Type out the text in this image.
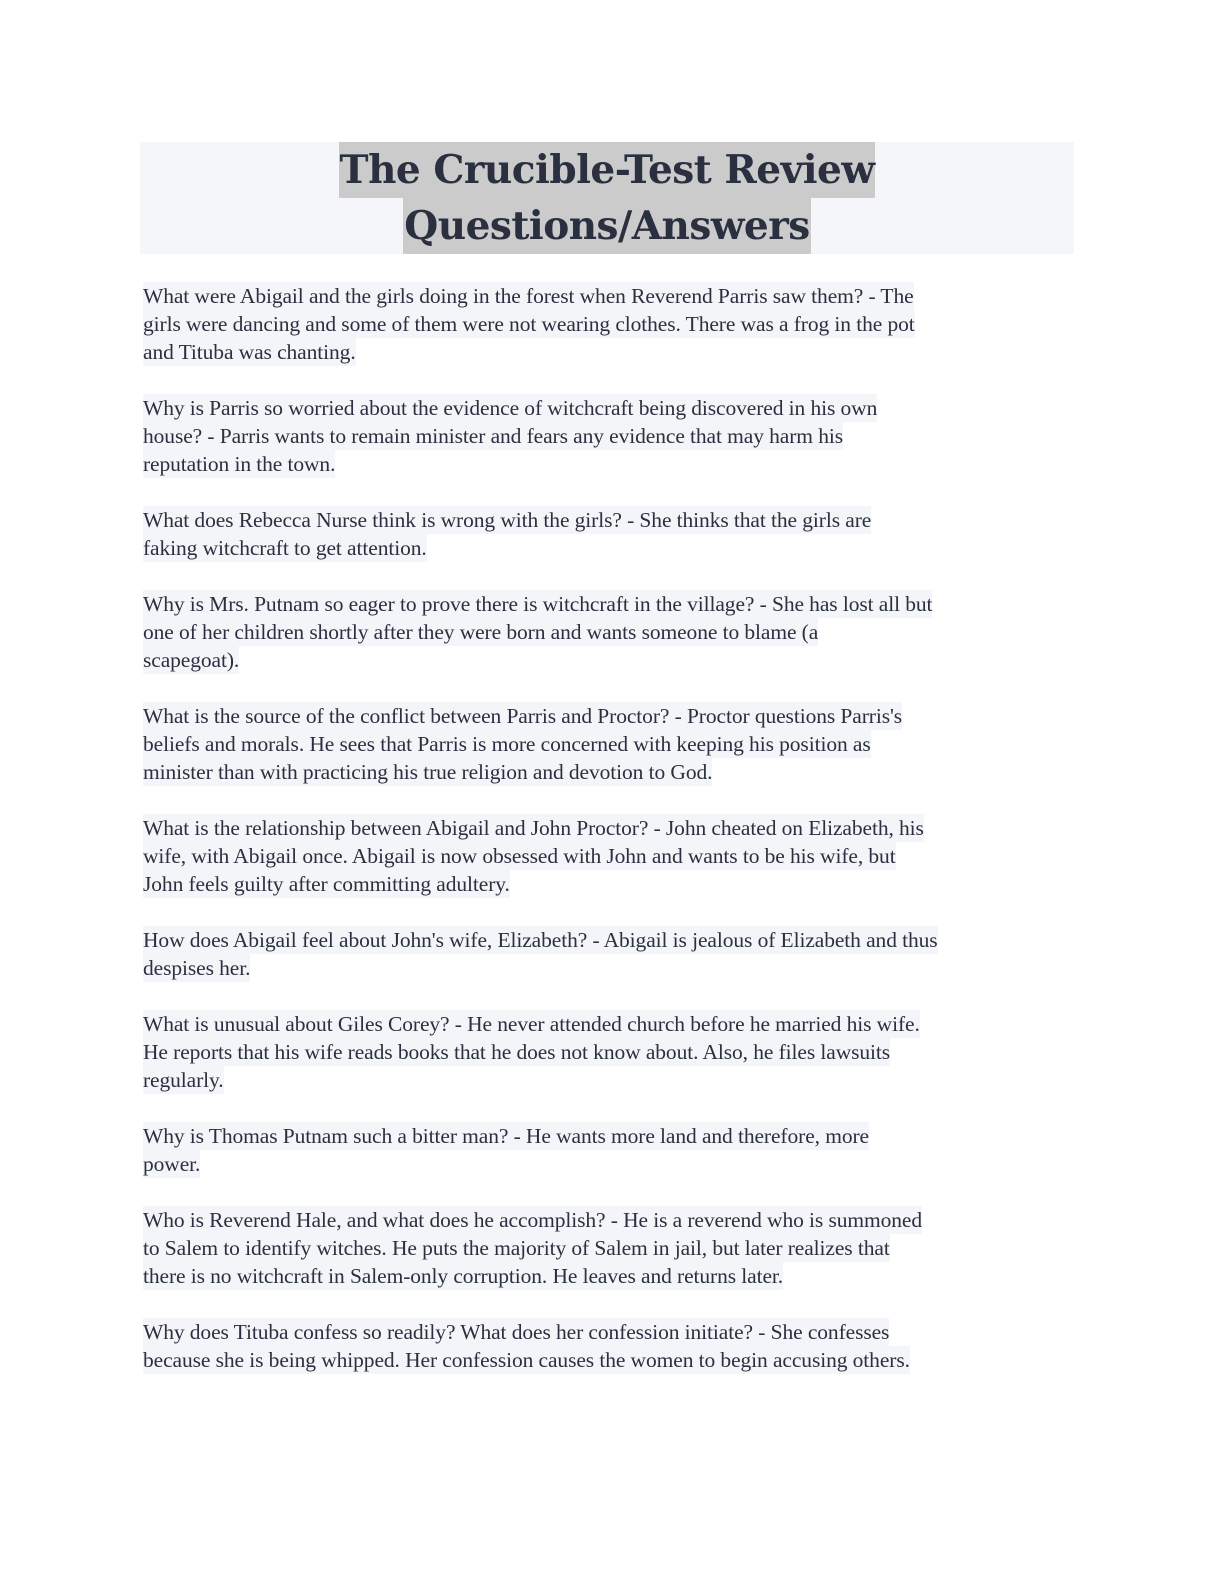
The Crucible-Test Review
Questions/Answers
What were Abigail and the girls doing in the forest when Reverend Parris saw them? - The
girls were dancing and some of them were not wearing clothes. There was a frog in the pot
and Tituba was chanting.
Why is Parris so worried about the evidence of witchcraft being discovered in his own
house? - Parris wants to remain minister and fears any evidence that may harm his
reputation in the town.
What does Rebecca Nurse think is wrong with the girls? - She thinks that the girls are
faking witchcraft to get attention.
Why is Mrs. Putnam so eager to prove there is witchcraft in the village? - She has lost all but
one of her children shortly after they were born and wants someone to blame (a
scapegoat).
What is the source of the conflict between Parris and Proctor? - Proctor questions Parris's
beliefs and morals. He sees that Parris is more concerned with keeping his position as
minister than with practicing his true religion and devotion to God.
What is the relationship between Abigail and John Proctor? - John cheated on Elizabeth, his
wife, with Abigail once. Abigail is now obsessed with John and wants to be his wife, but
John feels guilty after committing adultery.
How does Abigail feel about John's wife, Elizabeth? - Abigail is jealous of Elizabeth and thus
despises her.
What is unusual about Giles Corey? - He never attended church before he married his wife.
He reports that his wife reads books that he does not know about. Also, he files lawsuits
regularly.
Why is Thomas Putnam such a bitter man? - He wants more land and therefore, more
power.
Who is Reverend Hale, and what does he accomplish? - He is a reverend who is summoned
to Salem to identify witches. He puts the majority of Salem in jail, but later realizes that
there is no witchcraft in Salem-only corruption. He leaves and returns later.
Why does Tituba confess so readily? What does her confession initiate? - She confesses
because she is being whipped. Her confession causes the women to begin accusing others.
